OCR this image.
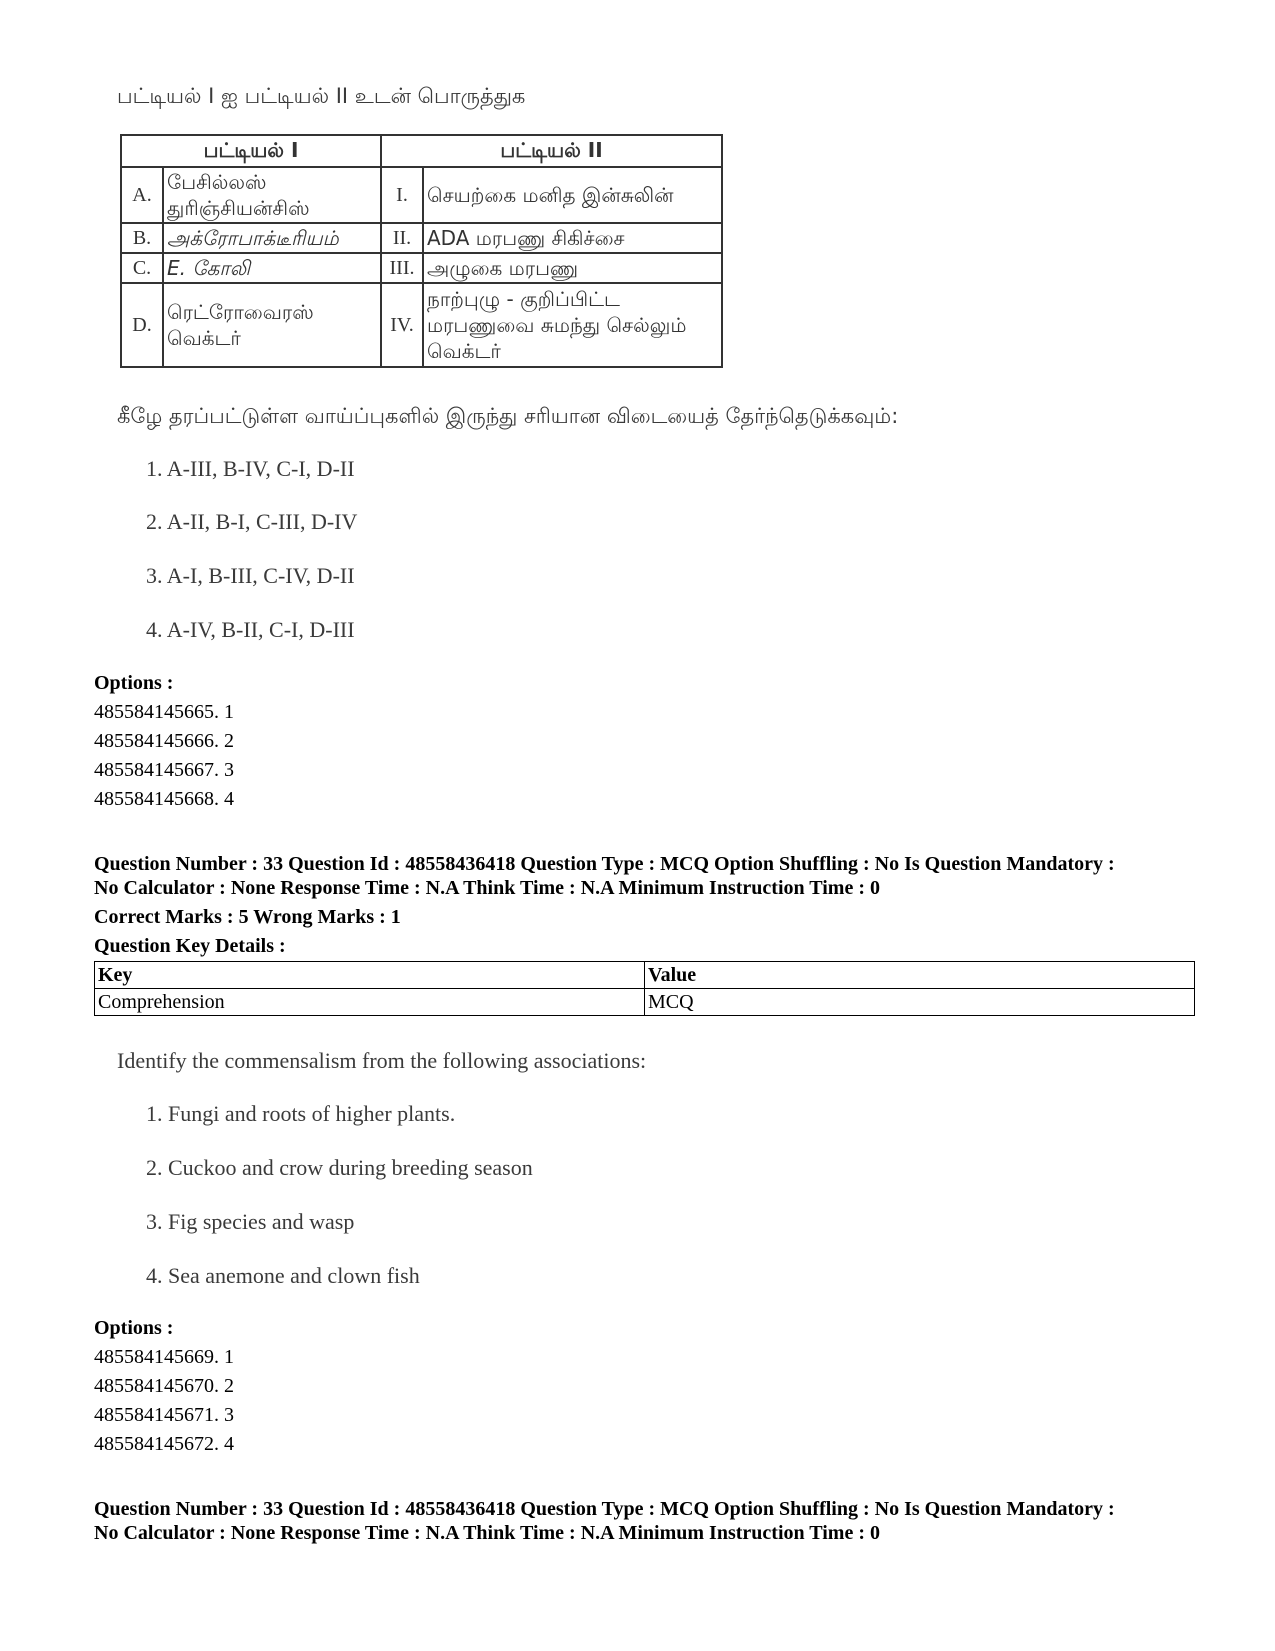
பட்டியல் I ஐ பட்டியல் II உடன் பொருத்துக
பட்டியல் I		பட்டியல் II	
A.	பேசில்லஸ் துரிஞ்சியன்சிஸ்	I.	செயற்கை மனித இன்சுலின்
B.	அக்ரோபாக்டீரியம்	II.	ADA மரபணு சிகிச்சை
C.	E. கோலி	III.	அழுகை மரபணு
D.	ரெட்ரோவைரஸ் வெக்டர்	IV.	நாற்புழு - குறிப்பிட்ட மரபணுவை சுமந்து செல்லும் வெக்டர்
கீழே தரப்பட்டுள்ள வாய்ப்புகளில் இருந்து சரியான விடையைத் தேர்ந்தெடுக்கவும்:
1. A-III, B-IV, C-I, D-II
2. A-II, B-I, C-III, D-IV
3. A-I, B-III, C-IV, D-II
4. A-IV, B-II, C-I, D-III
Options :
485584145665. 1
485584145666. 2
485584145667. 3
485584145668. 4
Question Number : 33 Question Id : 48558436418 Question Type : MCQ Option Shuffling : No Is Question Mandatory :
No Calculator : None Response Time : N.A Think Time : N.A Minimum Instruction Time : 0
Correct Marks : 5 Wrong Marks : 1
Question Key Details :
Key	Value
Comprehension	MCQ
Identify the commensalism from the following associations:
1. Fungi and roots of higher plants.
2. Cuckoo and crow during breeding season
3. Fig species and wasp
4. Sea anemone and clown fish
Options :
485584145669. 1
485584145670. 2
485584145671. 3
485584145672. 4
Question Number : 33 Question Id : 48558436418 Question Type : MCQ Option Shuffling : No Is Question Mandatory :
No Calculator : None Response Time : N.A Think Time : N.A Minimum Instruction Time : 0
